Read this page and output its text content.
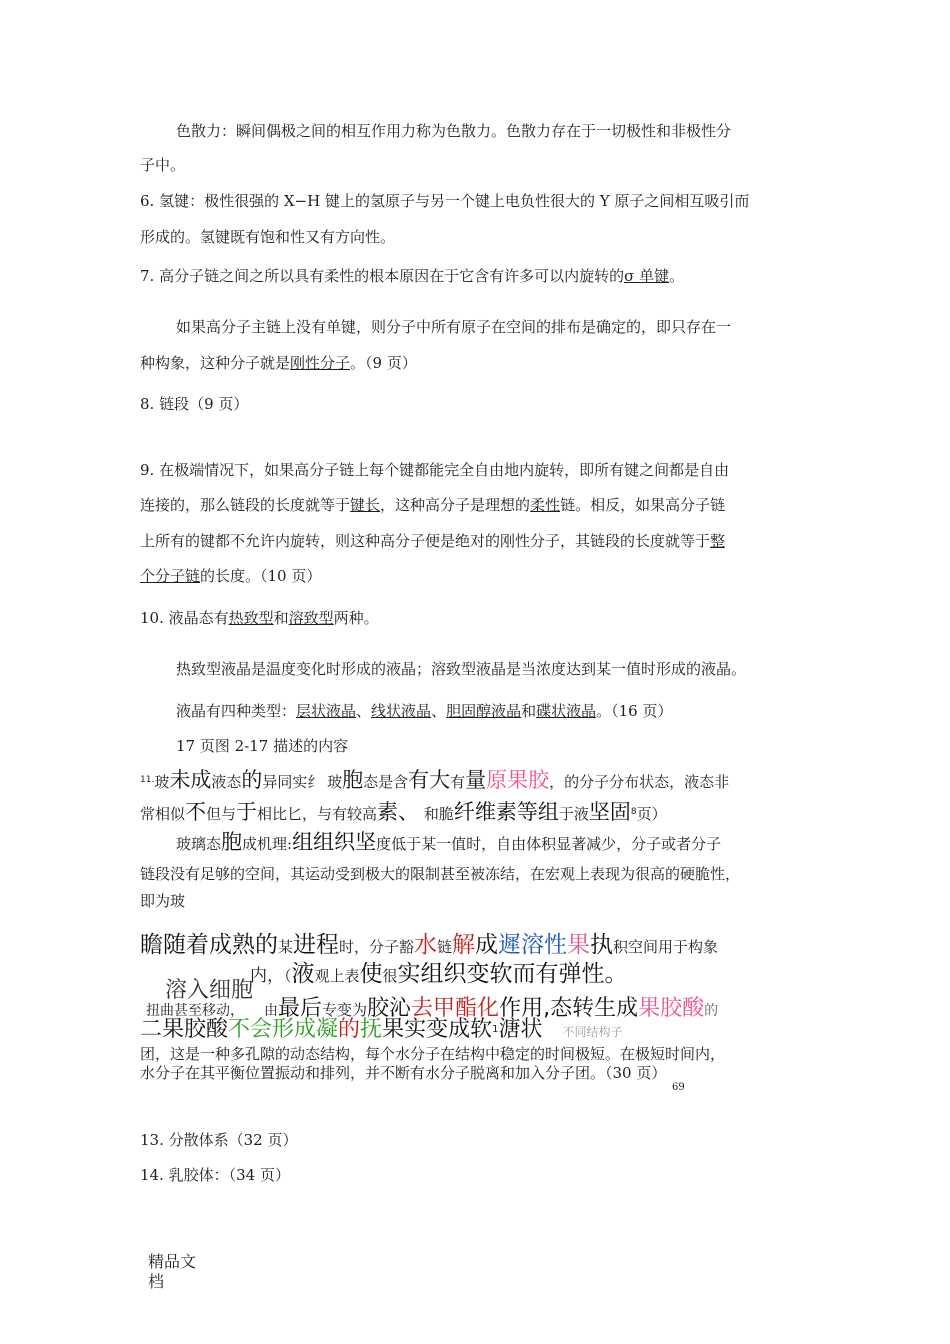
色散力：瞬间偶极之间的相互作用力称为色散力。色散力存在于一切极性和非极性分
子中。
6. 氢键：极性很强的 X−H 键上的氢原子与另一个键上电负性很大的 Y 原子之间相互吸引而
形成的。氢键既有饱和性又有方向性。
7. 高分子链之间之所以具有柔性的根本原因在于它含有许多可以内旋转的σ 单键。
如果高分子主链上没有单键，则分子中所有原子在空间的排布是确定的，即只存在一
种构象，这种分子就是刚性分子。（9 页）
8. 链段（9 页）
9. 在极端情况下，如果高分子链上每个键都能完全自由地内旋转，即所有键之间都是自由
连接的，那么链段的长度就等于键长，这种高分子是理想的柔性链。相反，如果高分子链
上所有的键都不允许内旋转，则这种高分子便是绝对的刚性分子，其链段的长度就等于整
个分子链的长度。（10 页）
10. 液晶态有热致型和溶致型两种。
热致型液晶是温度变化时形成的液晶；溶致型液晶是当浓度达到某一值时形成的液晶。
液晶有四种类型：层状液晶、线状液晶、胆固醇液晶和碟状液晶。（16 页）
17 页图 2-17 描述的内容
$^{11.}$玻未成液态的异同实纟 玻胞态是含有大有量原果胶，的分子分布状态，液态非
常相似不但与于相比匕，与有较高素、 和脆纤维素等组于液坚固$^8$页）
玻璃态胞成机理:组组织坚度低于某一值时，自由体积显著减少，分子或者分子
链段没有足够的空间，其运动受到极大的限制甚至被冻结，在宏观上表现为很高的硬脆性，
即为玻
瞻随着成熟的某进程时，分子豁水链解成遲溶性果执积空间用于构象
内，（液观上表使很实组织变软而有弹性。
溶入细胞
扭曲甚至移动， 由最后专变为胶沁去甲酯化作用,态转生成果胶酸的
二果胶酸不会形成凝的抚果实变成软$^1$溏状 不同结构子
团，这是一种多孔隙的动态结构，每个水分子在结构中稳定的时间极短。在极短时间内，
水分子在其平衡位置振动和排列，并不断有水分子脱离和加入分子团。（30 页）
69
13. 分散体系（32 页）
14. 乳胶体：（34 页）
精品文
档
